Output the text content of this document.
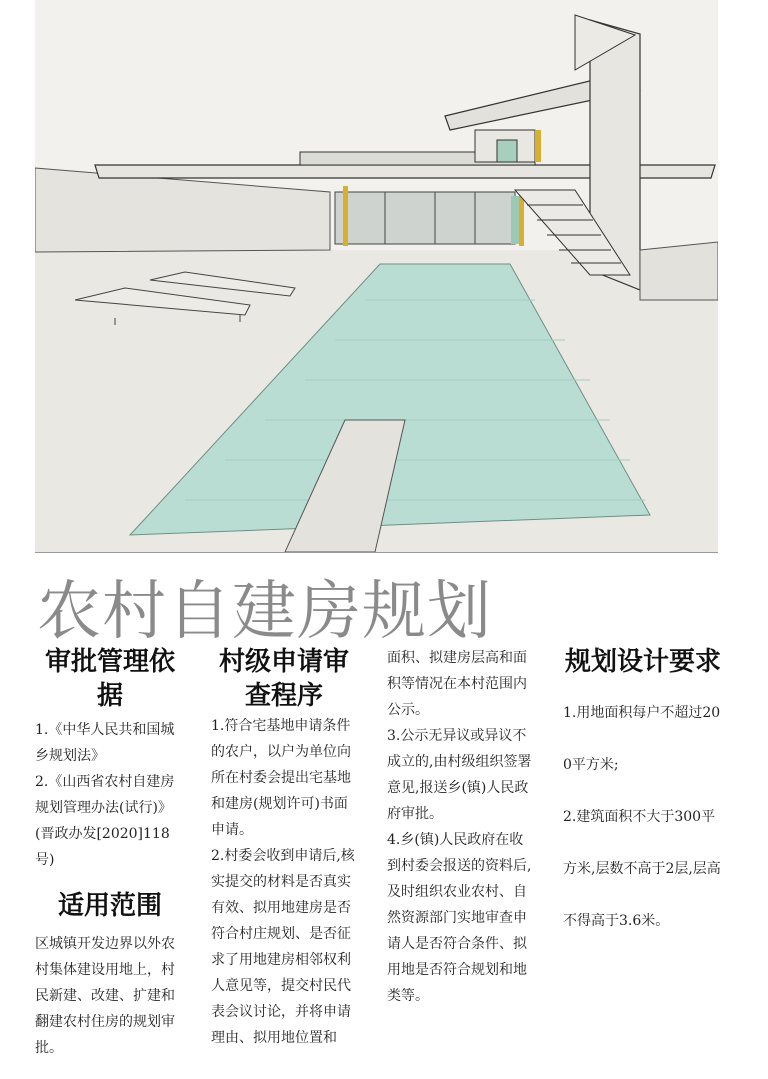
农村自建房规划
审批管理依据

1.《中华人民共和国城乡规划法》

2.《山西省农村自建房规划管理办法(试行)》(晋政办发[2020]118号)

适用范围

区城镇开发边界以外农村集体建设用地上，村民新建、改建、扩建和翻建农村住房的规划审批。

村级申请审查程序

1.符合宅基地申请条件的农户，以户为单位向所在村委会提出宅基地和建房(规划许可)书面申请。

2.村委会收到申请后,核实提交的材料是否真实有效、拟用地建房是否符合村庄规划、是否征求了用地建房相邻权利人意见等，提交村民代表会议讨论，并将申请理由、拟用地位置和

面积、拟建房层高和面积等情况在本村范围内公示。

3.公示无异议或异议不成立的,由村级组织签署意见,报送乡(镇)人民政府审批。

4.乡(镇)人民政府在收到村委会报送的资料后,及时组织农业农村、自然资源部门实地审查申请人是否符合条件、拟用地是否符合规划和地类等。

规划设计要求

1.用地面积每户不超过200平方米;

2.建筑面积不大于300平方米,层数不高于2层,层高不得高于3.6米。
